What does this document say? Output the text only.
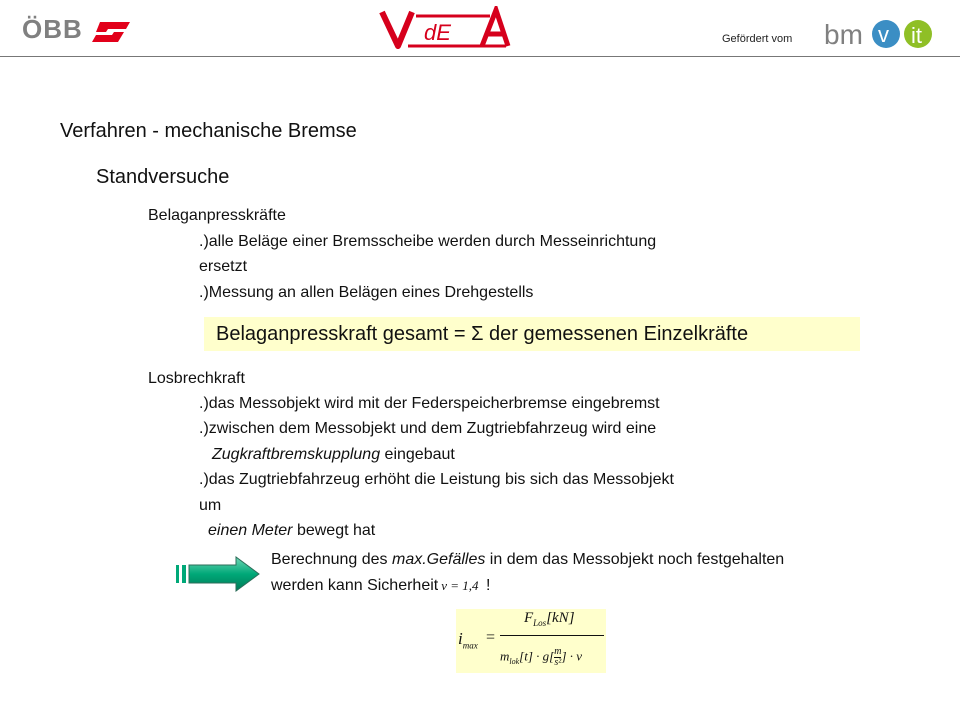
ÖBB	dE	Gefördert vom bm v it
Verfahren - mechanische Bremse
Standversuche
Belaganpresskräfte
.)alle Beläge einer Bremsscheibe werden durch Messeinrichtung
ersetzt
.)Messung an allen Belägen eines Drehgestells
Belaganpresskraft gesamt = Σ der gemessenen Einzelkräfte
Losbrechkraft
.)das Messobjekt wird mit der Federspeicherbremse eingebremst
.)zwischen dem Messobjekt und dem Zugtriebfahrzeug wird eine
Zugkraftbremskupplung eingebaut
.)das Zugtriebfahrzeug erhöht die Leistung bis sich das Messobjekt
um
einen Meter bewegt hat
Berechnung des max.Gefälles in dem das Messobjekt noch festgehalten
werden kann Sicherheit ν = 1,4 !
$i_{max}$ =
$F_{Los}[kN]$
$m_{lok}[t] \cdot g[ \frac{m}{\text{s²}}$ ] · ν
